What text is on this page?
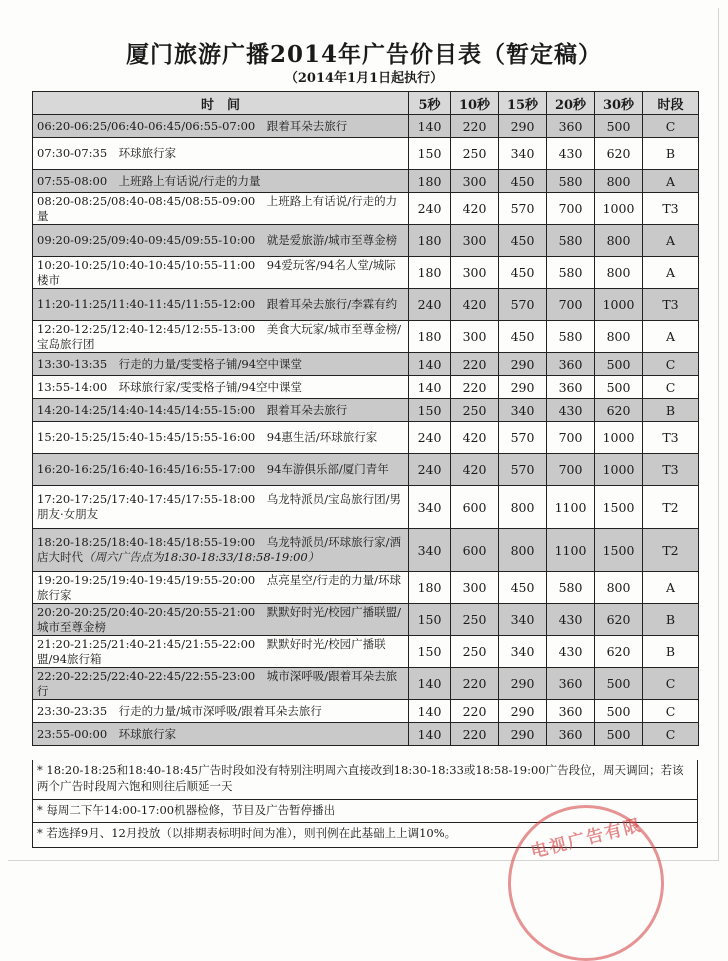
厦门旅游广播2014年广告价目表（暂定稿）
（2014年1月1日起执行）
时　间	5秒	10秒	15秒	20秒	30秒	时段
06:20-06:25/06:40-06:45/06:55-07:00　跟着耳朵去旅行	140	220	290	360	500	C
07:30-07:35　环球旅行家	150	250	340	430	620	B
07:55-08:00　上班路上有话说/行走的力量	180	300	450	580	800	A
08:20-08:25/08:40-08:45/08:55-09:00　上班路上有话说/行走的力量	240	420	570	700	1000	T3
09:20-09:25/09:40-09:45/09:55-10:00　就是爱旅游/城市至尊金榜	180	300	450	580	800	A
10:20-10:25/10:40-10:45/10:55-11:00　94爱玩客/94名人堂/城际楼市	180	300	450	580	800	A
11:20-11:25/11:40-11:45/11:55-12:00　跟着耳朵去旅行/李霖有约	240	420	570	700	1000	T3
12:20-12:25/12:40-12:45/12:55-13:00　美食大玩家/城市至尊金榜/宝岛旅行团	180	300	450	580	800	A
13:30-13:35　行走的力量/雯雯格子铺/94空中课堂	140	220	290	360	500	C
13:55-14:00　环球旅行家/雯雯格子铺/94空中课堂	140	220	290	360	500	C
14:20-14:25/14:40-14:45/14:55-15:00　跟着耳朵去旅行	150	250	340	430	620	B
15:20-15:25/15:40-15:45/15:55-16:00　94惠生活/环球旅行家	240	420	570	700	1000	T3
16:20-16:25/16:40-16:45/16:55-17:00　94车游俱乐部/厦门青年	240	420	570	700	1000	T3
17:20-17:25/17:40-17:45/17:55-18:00　乌龙特派员/宝岛旅行团/男朋友·女朋友	340	600	800	1100	1500	T2
18:20-18:25/18:40-18:45/18:55-19:00　乌龙特派员/环球旅行家/酒店大时代（周六广告点为18:30-18:33/18:58-19:00）	340	600	800	1100	1500	T2
19:20-19:25/19:40-19:45/19:55-20:00　点亮星空/行走的力量/环球旅行家	180	300	450	580	800	A
20:20-20:25/20:40-20:45/20:55-21:00　默默好时光/校园广播联盟/城市至尊金榜	150	250	340	430	620	B
21:20-21:25/21:40-21:45/21:55-22:00　默默好时光/校园广播联盟/94旅行箱	150	250	340	430	620	B
22:20-22:25/22:40-22:45/22:55-23:00　城市深呼吸/跟着耳朵去旅行	140	220	290	360	500	C
23:30-23:35　行走的力量/城市深呼吸/跟着耳朵去旅行	140	220	290	360	500	C
23:55-00:00　环球旅行家	140	220	290	360	500	C
* 18:20-18:25和18:40-18:45广告时段如没有特别注明周六直接改到18:30-18:33或18:58-19:00广告段位，周天调回；若该两个广告时段周六饱和则往后顺延一天
* 每周二下午14:00-17:00机器检修，节目及广告暂停播出
* 若选择9月、12月投放（以排期表标明时间为准），则刊例在此基础上上调10%。	电视广告有限
